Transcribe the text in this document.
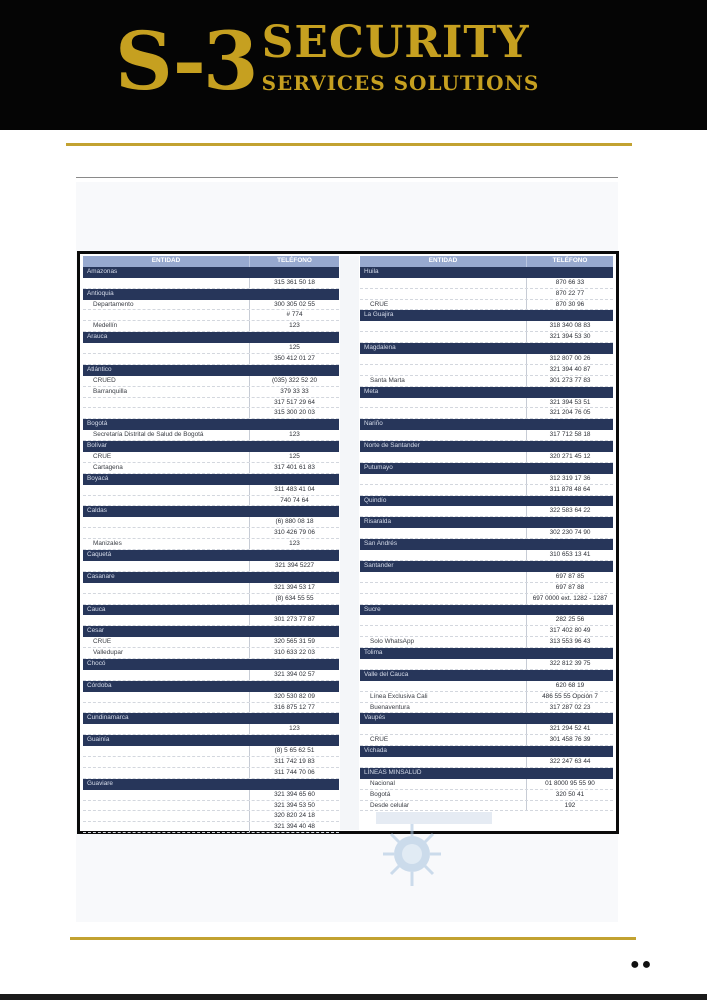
S-3 SECURITY
SERVICES SOLUTIONS
ENTIDAD	TELÉFONO
Amazonas
315 361 50 18
Antioquia
Departamento	300 305 02 55
# 774
Medellín	123
Arauca
125
350 412 01 27
Atlántico
CRUED	(035) 322 52 20
Barranquilla	379 33 33
317 517 29 64
315 300 20 03
Bogotá
Secretaría Distrital de Salud de Bogotá	123
Bolívar
CRUE	125
Cartagena	317 401 61 83
Boyacá
311 483 41 04
740 74 64
Caldas
(6) 880 08 18
310 426 79 06
Manizales	123
Caquetá
321 394 5227
Casanare
321 394 53 17
(8) 634 55 55
Cauca
301 273 77 87
Cesar
CRUE	320 565 31 59
Valledupar	310 633 22 03
Chocó
321 394 02 57
Córdoba
320 530 82 09
316 875 12 77
Cundinamarca
123
Guainía
(8) 5 65 62 51
311 742 19 83
311 744 70 06
Guaviare
321 394 65 60
321 394 53 50
320 820 24 18
321 394 40 48
ENTIDAD	TELÉFONO
Huila
870 66 33
870 22 77
CRUE	870 30 96
La Guajira
318 340 08 83
321 394 53 30
Magdalena
312 807 00 26
321 394 40 87
Santa Marta	301 273 77 83
Meta
321 394 53 51
321 204 76 05
Nariño
317 712 58 18
Norte de Santander
320 271 45 12
Putumayo
312 319 17 36
311 878 48 64
Quindío
322 583 64 22
Risaralda
302 230 74 90
San Andrés
310 653 13 41
Santander
697 87 85
697 87 88
697 0000 ext. 1282 - 1287
Sucre
282 25 56
317 402 80 49
Solo WhatsApp	313 553 96 43
Tolima
322 812 39 75
Valle del Cauca
620 68 19
Línea Exclusiva Cali	486 55 55 Opción 7
Buenaventura	317 287 02 23
Vaupés
321 294 52 41
CRUE	301 458 76 39
Vichada
322 247 63 44
LÍNEAS MINSALUD
Nacional	01 8000 95 55 90
Bogotá	320 50 41
Desde celular	192
●●
